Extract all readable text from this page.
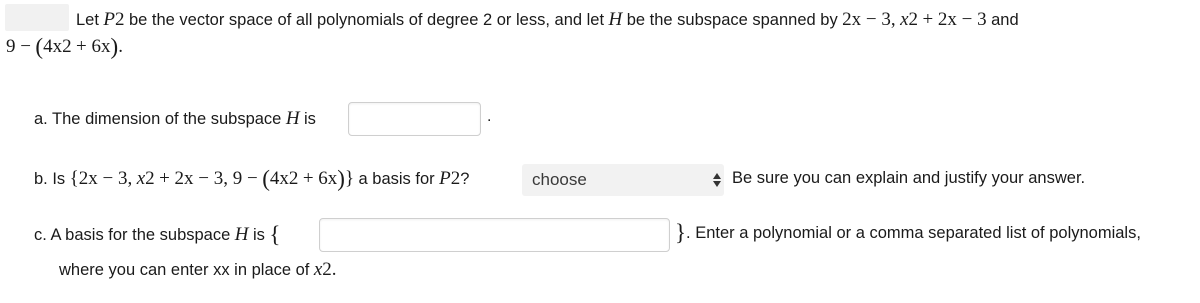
Let
P 2
be the vector space of all polynomials of degree 2 or less, and let
H
be the subspace spanned by
2x − 3,
x 2
+ 2x − 3
and
9 −
( 4x 2
+ 6x ) .
a. The dimension of the subspace
H
is	.
b. Is
{ 2x − 3,
x 2
+ 2x − 3, 9 −
( 4x 2
+ 6x ) }
a basis for
P 2 ?	choose	Be sure you can explain and justify your answer.
c. A basis for the subspace
H
is
{	} . Enter a polynomial or a comma separated list of polynomials,
where you can enter xx in place of
x 2 .
